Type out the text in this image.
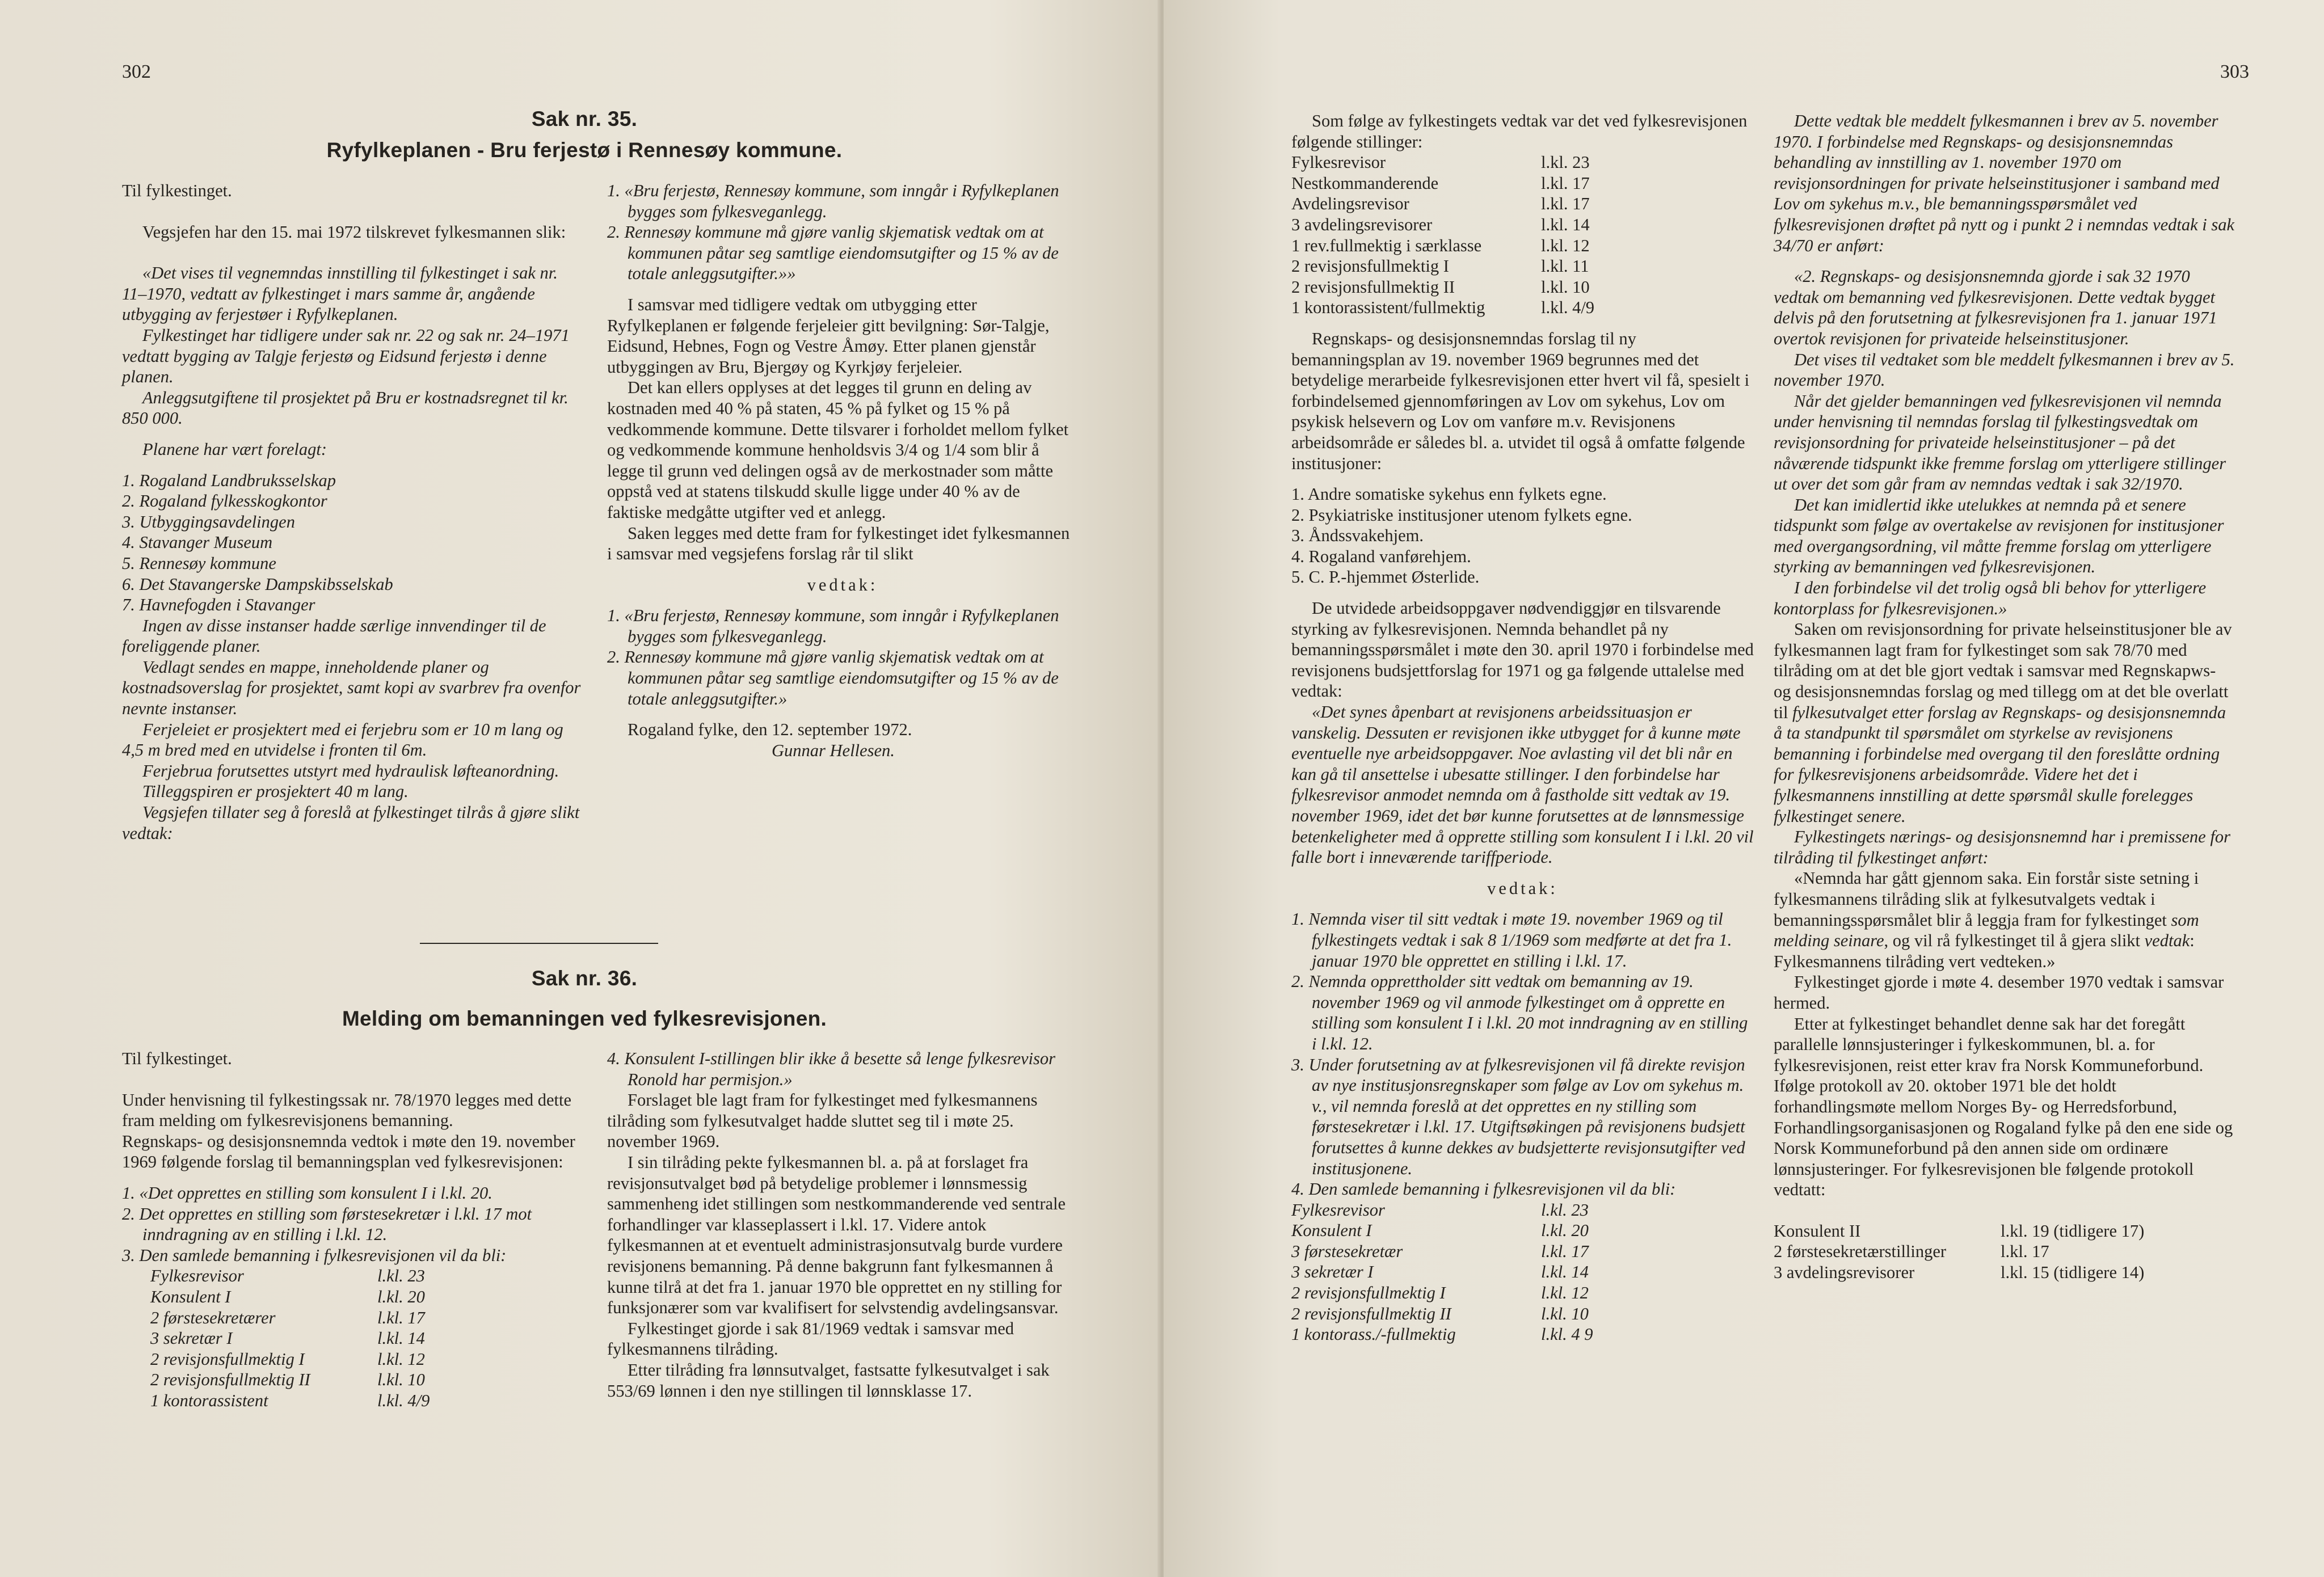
302
Sak nr. 35.
Ryfylkeplanen - Bru ferjestø i Rennesøy kommune.

Til fylkestinget.

Vegsjefen har den 15. mai 1972 tilskrevet fylkesmannen slik:

«Det vises til vegnemndas innstilling til fylkestinget i sak nr. 11–1970, vedtatt av fylkestinget i mars samme år, angående utbygging av ferjestøer i Ryfylkeplanen.

Fylkestinget har tidligere under sak nr. 22 og sak nr. 24–1971 vedtatt bygging av Talgje ferjestø og Eidsund ferjestø i denne planen.

Anleggsutgiftene til prosjektet på Bru er kostnadsregnet til kr. 850 000.

Planene har vært forelagt:

1. Rogaland Landbruksselskap

2. Rogaland fylkesskogkontor

3. Utbyggingsavdelingen

4. Stavanger Museum

5. Rennesøy kommune

6. Det Stavangerske Dampskibsselskab

7. Havnefogden i Stavanger

Ingen av disse instanser hadde særlige innvendinger til de foreliggende planer.

Vedlagt sendes en mappe, inneholdende planer og kostnadsoverslag for prosjektet, samt kopi av svarbrev fra ovenfor nevnte instanser.

Ferjeleiet er prosjektert med ei ferjebru som er 10 m lang og 4,5 m bred med en utvidelse i fronten til 6m.

Ferjebrua forutsettes utstyrt med hydraulisk løfteanordning.

Tilleggspiren er prosjektert 40 m lang.

Vegsjefen tillater seg å foreslå at fylkestinget tilrås å gjøre slikt vedtak:

1. «Bru ferjestø, Rennesøy kommune, som inngår i Ryfylkeplanen bygges som fylkesveganlegg.

2. Rennesøy kommune må gjøre vanlig skjematisk vedtak om at kommunen påtar seg samtlige eiendomsutgifter og 15 % av de totale anleggsutgifter.»»

I samsvar med tidligere vedtak om utbygging etter Ryfylkeplanen er følgende ferjeleier gitt bevilgning: Sør-Talgje, Eidsund, Hebnes, Fogn og Vestre Åmøy. Etter planen gjenstår utbyggingen av Bru, Bjergøy og Kyrkjøy ferjeleier.

Det kan ellers opplyses at det legges til grunn en deling av kostnaden med 40 % på staten, 45 % på fylket og 15 % på vedkommende kommune. Dette tilsvarer i forholdet mellom fylket og vedkommende kommune henholdsvis 3/4 og 1/4 som blir å legge til grunn ved delingen også av de merkostnader som måtte oppstå ved at statens tilskudd skulle ligge under 40 % av de faktiske medgåtte utgifter ved et anlegg.

Saken legges med dette fram for fylkestinget idet fylkesmannen i samsvar med vegsjefens forslag rår til slikt

vedtak:

1. «Bru ferjestø, Rennesøy kommune, som inngår i Ryfylkeplanen bygges som fylkesveganlegg.

2. Rennesøy kommune må gjøre vanlig skjematisk vedtak om at kommunen påtar seg samtlige eiendomsutgifter og 15 % av de totale anleggsutgifter.»

Rogaland fylke, den 12. september 1972.

Gunnar Hellesen.

Sak nr. 36.
Melding om bemanningen ved fylkesrevisjonen.

Til fylkestinget.

Under henvisning til fylkestingssak nr. 78/1970 legges med dette fram melding om fylkesrevisjonens bemanning.

Regnskaps- og desisjonsnemnda vedtok i møte den 19. november 1969 følgende forslag til bemanningsplan ved fylkesrevisjonen:

1. «Det opprettes en stilling som konsulent I i l.kl. 20.

2. Det opprettes en stilling som førstesekretær i l.kl. 17 mot inndragning av en stilling i l.kl. 12.

3. Den samlede bemanning i fylkesrevisjonen vil da bli:

Fylkesrevisor	l.kl. 23
Konsulent I	l.kl. 20
2 førstesekretærer	l.kl. 17
3 sekretær I	l.kl. 14
2 revisjonsfullmektig I	l.kl. 12
2 revisjonsfullmektig II	l.kl. 10
1 kontorassistent	l.kl. 4/9

4. Konsulent I-stillingen blir ikke å besette så lenge fylkesrevisor Ronold har permisjon.»

Forslaget ble lagt fram for fylkestinget med fylkesmannens tilråding som fylkesutvalget hadde sluttet seg til i møte 25. november 1969.

I sin tilråding pekte fylkesmannen bl. a. på at forslaget fra revisjonsutvalget bød på betydelige problemer i lønnsmessig sammenheng idet stillingen som nestkommanderende ved sentrale forhandlinger var klasseplassert i l.kl. 17. Videre antok fylkesmannen at et eventuelt administrasjonsutvalg burde vurdere revisjonens bemanning. På denne bakgrunn fant fylkesmannen å kunne tilrå at det fra 1. januar 1970 ble opprettet en ny stilling for funksjonærer som var kvalifisert for selvstendig avdelingsansvar.

Fylkestinget gjorde i sak 81/1969 vedtak i samsvar med fylkesmannens tilråding.

Etter tilråding fra lønnsutvalget, fastsatte fylkesutvalget i sak 553/69 lønnen i den nye stillingen til lønnsklasse 17.

303

Som følge av fylkestingets vedtak var det ved fylkesrevisjonen følgende stillinger:

Fylkesrevisor	l.kl. 23
Nestkommanderende	l.kl. 17
Avdelingsrevisor	l.kl. 17
3 avdelingsrevisorer	l.kl. 14
1 rev.fullmektig i særklasse	l.kl. 12
2 revisjonsfullmektig I	l.kl. 11
2 revisjonsfullmektig II	l.kl. 10
1 kontorassistent/fullmektig	l.kl. 4/9

Regnskaps- og desisjonsnemndas forslag til ny bemanningsplan av 19. november 1969 begrunnes med det betydelige merarbeide fylkesrevisjonen etter hvert vil få, spesielt i forbindelsemed gjennomføringen av Lov om sykehus, Lov om psykisk helsevern og Lov om vanføre m.v. Revisjonens arbeidsområde er således bl. a. utvidet til også å omfatte følgende institusjoner:

1. Andre somatiske sykehus enn fylkets egne.

2. Psykiatriske institusjoner utenom fylkets egne.

3. Åndssvakehjem.

4. Rogaland vanførehjem.

5. C. P.-hjemmet Østerlide.

De utvidede arbeidsoppgaver nødvendiggjør en tilsvarende styrking av fylkesrevisjonen. Nemnda behandlet på ny bemanningsspørsmålet i møte den 30. april 1970 i forbindelse med revisjonens budsjettforslag for 1971 og ga følgende uttalelse med vedtak:

«Det synes åpenbart at revisjonens arbeidssituasjon er vanskelig. Dessuten er revisjonen ikke utbygget for å kunne møte eventuelle nye arbeidsoppgaver. Noe avlasting vil det bli når en kan gå til ansettelse i ubesatte stillinger. I den forbindelse har fylkesrevisor anmodet nemnda om å fastholde sitt vedtak av 19. november 1969, idet det bør kunne forutsettes at de lønnsmessige betenkeligheter med å opprette stilling som konsulent I i l.kl. 20 vil falle bort i inneværende tariffperiode.

vedtak:

1. Nemnda viser til sitt vedtak i møte 19. november 1969 og til fylkestingets vedtak i sak 8 1/1969 som medførte at det fra 1. januar 1970 ble opprettet en stilling i l.kl. 17.

2. Nemnda opprettholder sitt vedtak om bemanning av 19. november 1969 og vil anmode fylkestinget om å opprette en stilling som konsulent I i l.kl. 20 mot inndragning av en stilling i l.kl. 12.

3. Under forutsetning av at fylkesrevisjonen vil få direkte revisjon av nye institusjonsregnskaper som følge av Lov om sykehus m. v., vil nemnda foreslå at det opprettes en ny stilling som førstesekretær i l.kl. 17. Utgiftsøkingen på revisjonens budsjett forutsettes å kunne dekkes av budsjetterte revisjonsutgifter ved institusjonene.

4. Den samlede bemanning i fylkesrevisjonen vil da bli:

Fylkesrevisor	l.kl. 23
Konsulent I	l.kl. 20
3 førstesekretær	l.kl. 17
3 sekretær I	l.kl. 14
2 revisjonsfullmektig I	l.kl. 12
2 revisjonsfullmektig II	l.kl. 10
1 kontorass./-fullmektig	l.kl. 4 9

Dette vedtak ble meddelt fylkesmannen i brev av 5. november 1970. I forbindelse med Regnskaps- og desisjonsnemndas behandling av innstilling av 1. november 1970 om revisjonsordningen for private helseinstitusjoner i samband med Lov om sykehus m.v., ble bemanningsspørsmålet ved fylkesrevisjonen drøftet på nytt og i punkt 2 i nemndas vedtak i sak 34/70 er anført:

«2. Regnskaps- og desisjonsnemnda gjorde i sak 32 1970 vedtak om bemanning ved fylkesrevisjonen. Dette vedtak bygget delvis på den forutsetning at fylkesrevisjonen fra 1. januar 1971 overtok revisjonen for privateide helseinstitusjoner.

Det vises til vedtaket som ble meddelt fylkesmannen i brev av 5. november 1970.

Når det gjelder bemanningen ved fylkesrevisjonen vil nemnda under henvisning til nemndas forslag til fylkestingsvedtak om revisjonsordning for privateide helseinstitusjoner – på det nåværende tidspunkt ikke fremme forslag om ytterligere stillinger ut over det som går fram av nemndas vedtak i sak 32/1970.

Det kan imidlertid ikke utelukkes at nemnda på et senere tidspunkt som følge av overtakelse av revisjonen for institusjoner med overgangsordning, vil måtte fremme forslag om ytterligere styrking av bemanningen ved fylkesrevisjonen.

I den forbindelse vil det trolig også bli behov for ytterligere kontorplass for fylkesrevisjonen.»

Saken om revisjonsordning for private helseinstitusjoner ble av fylkesmannen lagt fram for fylkestinget som sak 78/70 med tilråding om at det ble gjort vedtak i samsvar med Regnskapws- og desisjonsnemndas forslag og med tillegg om at det ble overlatt til fylkesutvalget etter forslag av Regnskaps- og desisjonsnemnda å ta standpunkt til spørsmålet om styrkelse av revisjonens bemanning i forbindelse med overgang til den foreslåtte ordning for fylkesrevisjonens arbeidsområde. Videre het det i fylkesmannens innstilling at dette spørsmål skulle forelegges fylkestinget senere.

Fylkestingets nærings- og desisjonsnemnd har i premissene for tilråding til fylkestinget anført:

«Nemnda har gått gjennom saka. Ein forstår siste setning i fylkesmannens tilråding slik at fylkesutvalgets vedtak i bemanningsspørsmålet blir å leggja fram for fylkestinget som melding seinare, og vil rå fylkestinget til å gjera slikt vedtak: Fylkesmannens tilråding vert vedteken.»

Fylkestinget gjorde i møte 4. desember 1970 vedtak i samsvar hermed.

Etter at fylkestinget behandlet denne sak har det foregått parallelle lønnsjusteringer i fylkeskommunen, bl. a. for fylkesrevisjonen, reist etter krav fra Norsk Kommuneforbund. Ifølge protokoll av 20. oktober 1971 ble det holdt forhandlingsmøte mellom Norges By- og Herredsforbund, Forhandlingsorganisasjonen og Rogaland fylke på den ene side og Norsk Kommuneforbund på den annen side om ordinære lønnsjusteringer. For fylkesrevisjonen ble følgende protokoll vedtatt:

Konsulent II	l.kl. 19 (tidligere 17)
2 førstesekretærstillinger	l.kl. 17
3 avdelingsrevisorer	l.kl. 15 (tidligere 14)
